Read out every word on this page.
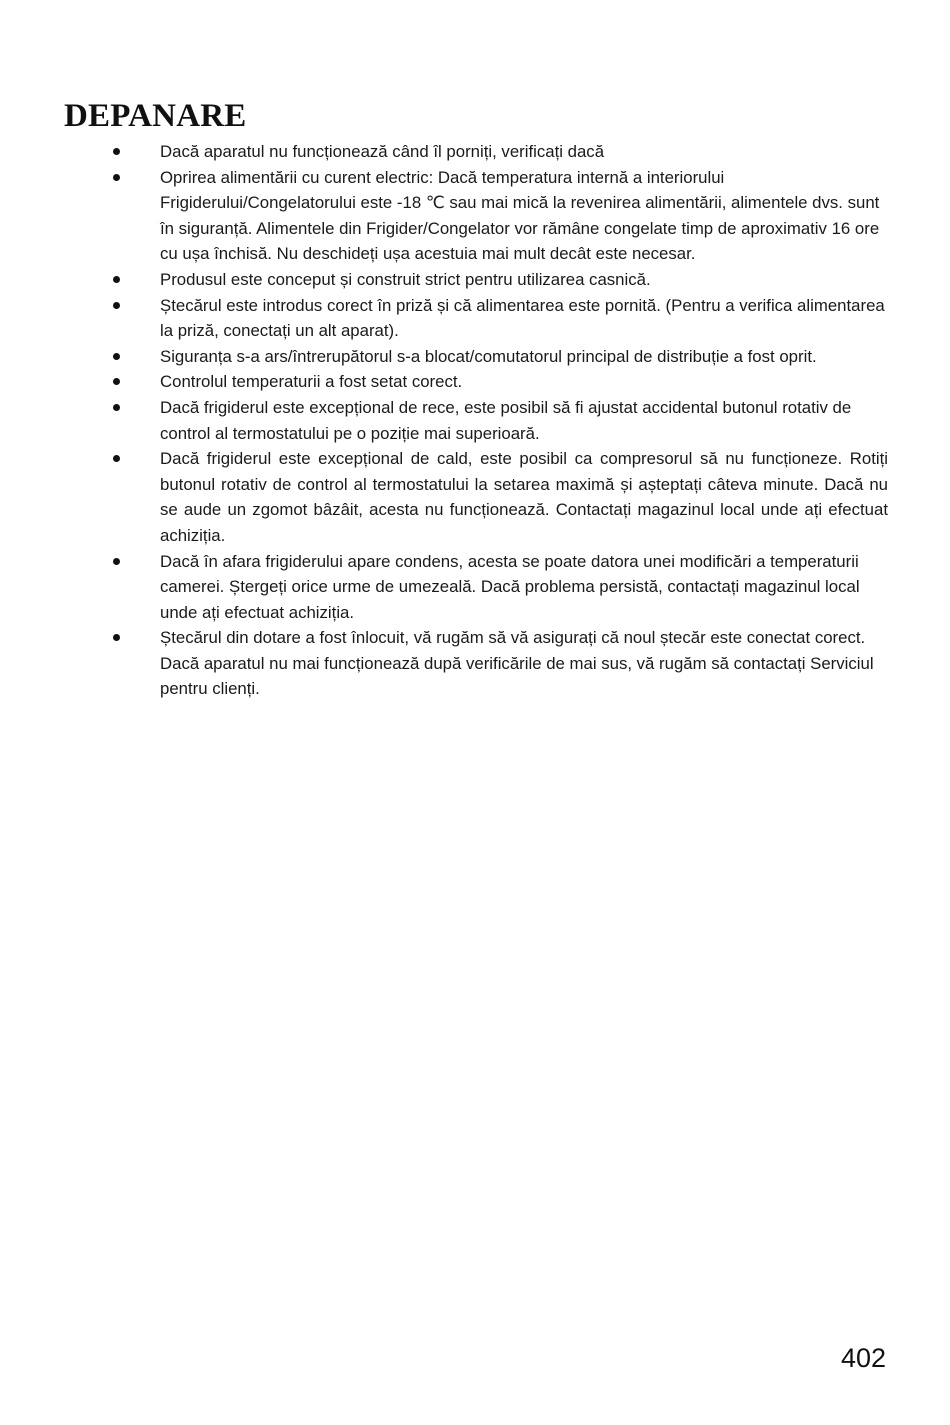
DEPANARE
Dacă aparatul nu funcționează când îl porniți, verificați dacă
Oprirea alimentării cu curent electric: Dacă temperatura internă a interiorului Frigiderului/Congelatorului este -18 ℃ sau mai mică la revenirea alimentării, alimentele dvs. sunt în siguranță. Alimentele din Frigider/Congelator vor rămâne congelate timp de aproximativ 16 ore cu ușa închisă. Nu deschideți ușa acestuia mai mult decât este necesar.
Produsul este conceput și construit strict pentru utilizarea casnică.
Ștecărul este introdus corect în priză și că alimentarea este pornită. (Pentru a verifica alimentarea la priză, conectați un alt aparat).
Siguranța s-a ars/întrerupătorul s-a blocat/comutatorul principal de distribuție a fost oprit.
Controlul temperaturii a fost setat corect.
Dacă frigiderul este excepțional de rece, este posibil să fi ajustat accidental butonul rotativ de control al termostatului pe o poziție mai superioară.
Dacă frigiderul este excepțional de cald, este posibil ca compresorul să nu funcționeze. Rotiți butonul rotativ de control al termostatului la setarea maximă și așteptați câteva minute. Dacă nu se aude un zgomot bâzâit, acesta nu funcționează. Contactați magazinul local unde ați efectuat achiziția.
Dacă în afara frigiderului apare condens, acesta se poate datora unei modificări a temperaturii camerei. Ștergeți orice urme de umezeală. Dacă problema persistă, contactați magazinul local unde ați efectuat achiziția.
Ștecărul din dotare a fost înlocuit, vă rugăm să vă asigurați că noul ștecăr este conectat corect. Dacă aparatul nu mai funcționează după verificările de mai sus, vă rugăm să contactați Serviciul pentru clienți.
402
